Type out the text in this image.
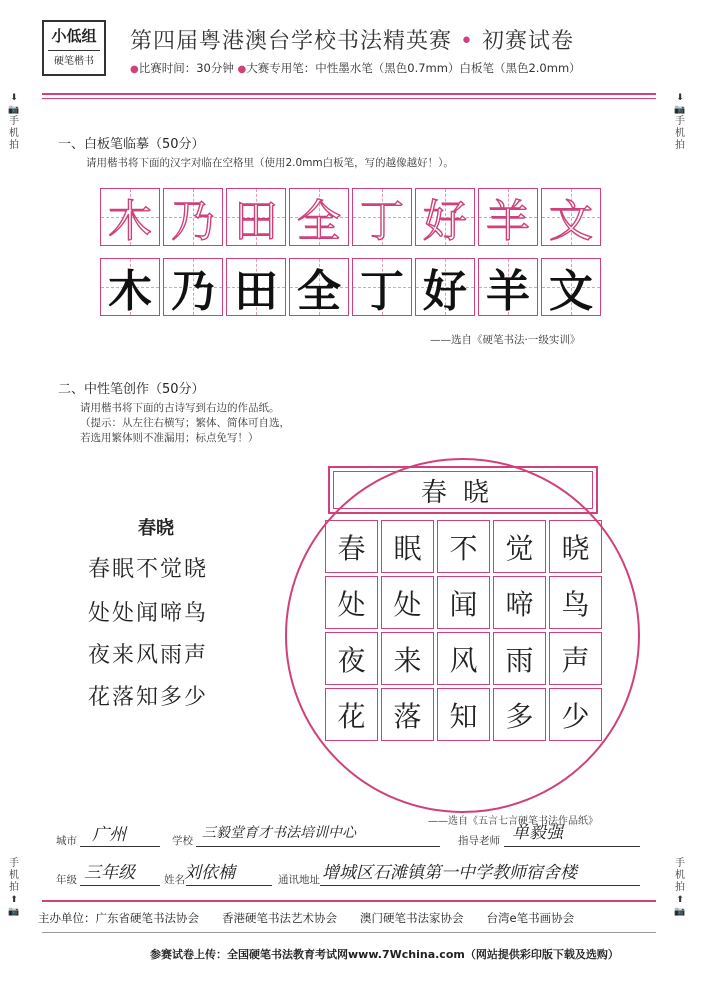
小低组
硬笔楷书
第四届粤港澳台学校书法精英赛 • 初赛试卷
●比赛时间：30分钟 ●大赛专用笔：中性墨水笔（黑色0.7mm）白板笔（黑色2.0mm）
⬇📷
手机拍
⬇📷
手机拍
手机拍
⬆📷
手机拍
⬆📷
一、白板笔临摹（50分）
请用楷书将下面的汉字对临在空格里（使用2.0mm白板笔，写的越像越好！）。
木 乃 田 全 丁 好 羊 文
木 乃 田 全 丁 好 羊 文
——选自《硬笔书法·一级实训》
二、中性笔创作（50分）
请用楷书将下面的古诗写到右边的作品纸。
（提示：从左往右横写；繁体、简体可自选，
若选用繁体则不准漏用；标点免写！）
春晓
春眠不觉晓
处处闻啼鸟
夜来风雨声
花落知多少
春晓
春 眠 不 觉 晓
处 处 闻 啼 鸟
夜 来 风 雨 声
花 落 知 多 少
——选自《五言七言硬笔书法作品纸》
城市 广州	学校 三毅堂育才书法培训中心	指导老师 单毅强
年级 三年级	姓名 刘依楠	通讯地址 增城区石滩镇第一中学教师宿舍楼
主办单位：广东省硬笔书法协会　　香港硬笔书法艺术协会　　澳门硬笔书法家协会　　台湾e笔书画协会
参赛试卷上传：全国硬笔书法教育考试网www.7Wchina.com（网站提供彩印版下载及选购）
